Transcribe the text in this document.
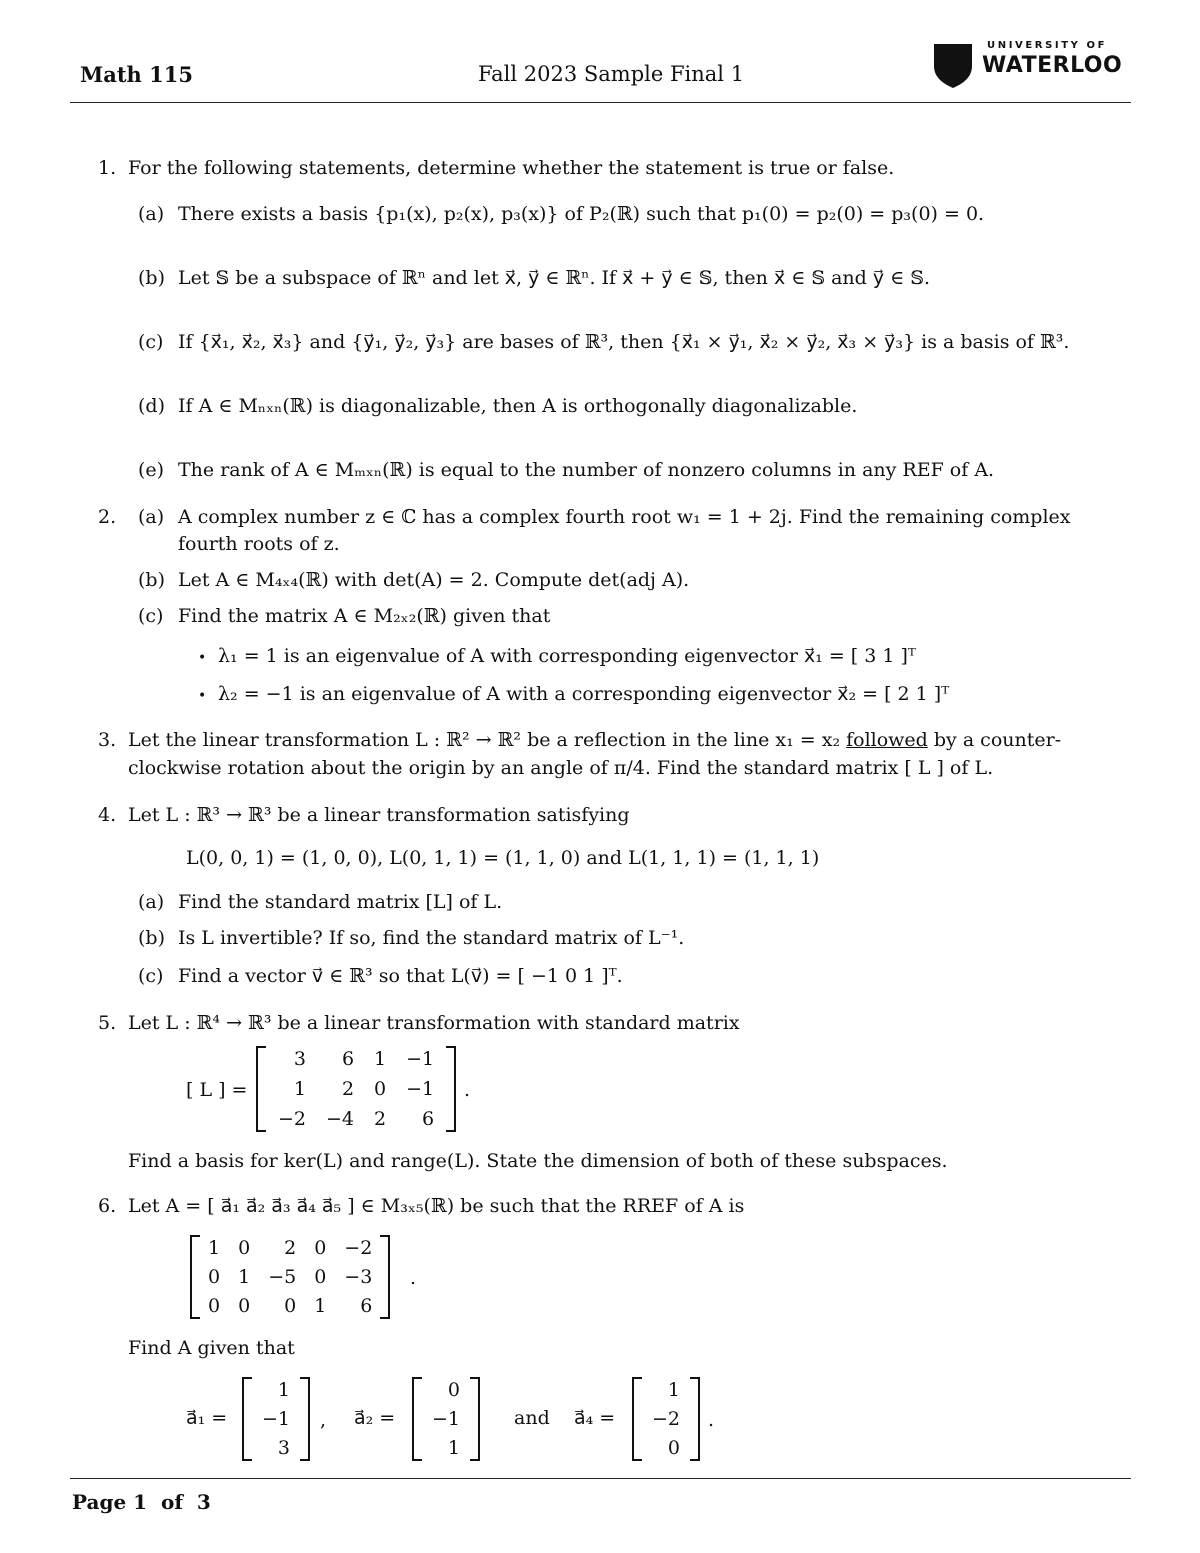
Math 115	Fall 2023 Sample Final 1
UNIVERSITY OF
WATERLOO
1. For the following statements, determine whether the statement is true or false.
(a) There exists a basis {p₁(x), p₂(x), p₃(x)} of P₂(ℝ) such that p₁(0) = p₂(0) = p₃(0) = 0.
(b) Let 𝕊 be a subspace of ℝⁿ and let x⃗, y⃗ ∈ ℝⁿ. If x⃗ + y⃗ ∈ 𝕊, then x⃗ ∈ 𝕊 and y⃗ ∈ 𝕊.
(c) If {x⃗₁, x⃗₂, x⃗₃} and {y⃗₁, y⃗₂, y⃗₃} are bases of ℝ³, then {x⃗₁ × y⃗₁, x⃗₂ × y⃗₂, x⃗₃ × y⃗₃} is a basis of ℝ³.
(d) If A ∈ Mₙₓₙ(ℝ) is diagonalizable, then A is orthogonally diagonalizable.
(e) The rank of A ∈ Mₘₓₙ(ℝ) is equal to the number of nonzero columns in any REF of A.
2. (a) A complex number z ∈ ℂ has a complex fourth root w₁ = 1 + 2j. Find the remaining complex
fourth roots of z.
(b) Let A ∈ M₄ₓ₄(ℝ) with det(A) = 2. Compute det(adj A).
(c) Find the matrix A ∈ M₂ₓ₂(ℝ) given that
• λ₁ = 1 is an eigenvalue of A with corresponding eigenvector x⃗₁ = [ 3 1 ]ᵀ
• λ₂ = −1 is an eigenvalue of A with a corresponding eigenvector x⃗₂ = [ 2 1 ]ᵀ
3. Let the linear transformation L : ℝ² → ℝ² be a reflection in the line x₁ = x₂ followed by a counter-
clockwise rotation about the origin by an angle of π/4. Find the standard matrix [ L ] of L.
4. Let L : ℝ³ → ℝ³ be a linear transformation satisfying
L(0, 0, 1) = (1, 0, 0), L(0, 1, 1) = (1, 1, 0) and L(1, 1, 1) = (1, 1, 1)
(a) Find the standard matrix [L] of L.
(b) Is L invertible? If so, find the standard matrix of L⁻¹.
(c) Find a vector v⃗ ∈ ℝ³ so that L(v⃗) = [ −1 0 1 ]ᵀ.
5. Let L : ℝ⁴ → ℝ³ be a linear transformation with standard matrix
[ L ] =
3	6 1 −1
1	2 0 −1
−2 −4 2	6
.
Find a basis for ker(L) and range(L). State the dimension of both of these subspaces.
6. Let A = [ a⃗₁ a⃗₂ a⃗₃ a⃗₄ a⃗₅ ] ∈ M₃ₓ₅(ℝ) be such that the RREF of A is
1 0	2 0 −2
0 1 −5 0 −3
0 0	0 1	6
.
Find A given that
a⃗₁ =
1
−1
3
, a⃗₂ =
0
−1
1
and a⃗₄ =
1
−2
0
.
Page 1  of  3
